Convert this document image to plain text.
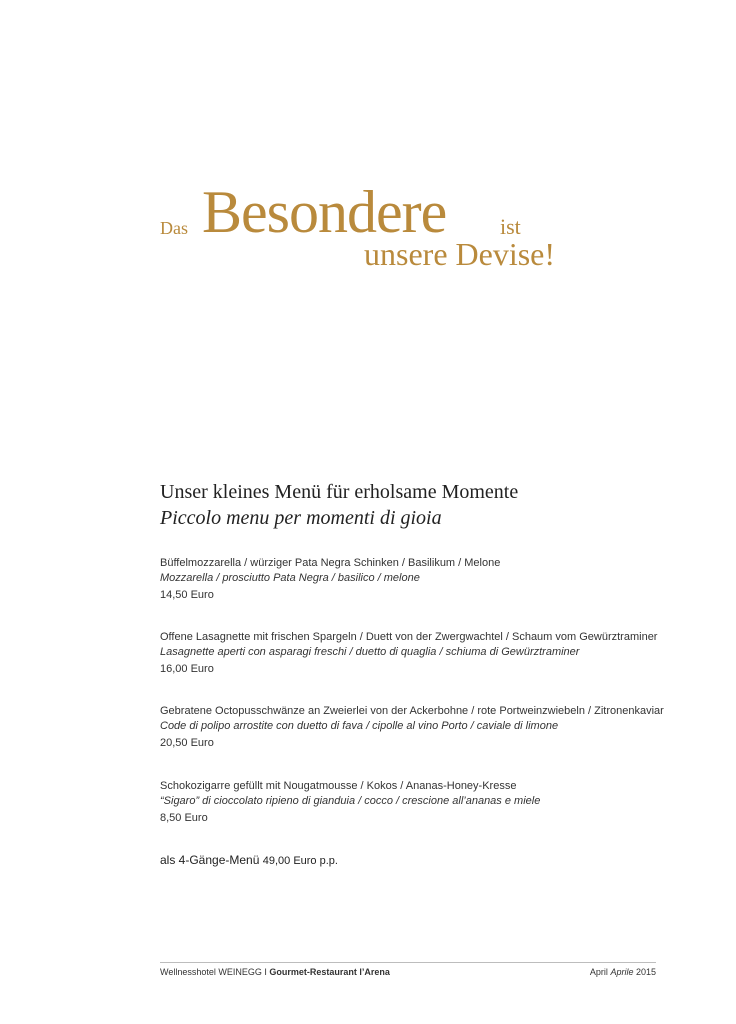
Das Besondere ist
unsere Devise!
Unser kleines Menü für erholsame Momente
Piccolo menu per momenti di gioia
Büffelmozzarella / würziger Pata Negra Schinken / Basilikum / Melone
Mozzarella / prosciutto Pata Negra / basilico / melone
14,50 Euro
Offene Lasagnette mit frischen Spargeln / Duett von der Zwergwachtel / Schaum vom Gewürztraminer
Lasagnette aperti con asparagi freschi / duetto di quaglia / schiuma di Gewürztraminer
16,00 Euro
Gebratene Octopusschwänze an Zweierlei von der Ackerbohne / rote Portweinzwiebeln / Zitronenkaviar
Code di polipo arrostite con duetto di fava / cipolle al vino Porto / caviale di limone
20,50 Euro
Schokozigarre gefüllt mit Nougatmousse / Kokos / Ananas-Honey-Kresse
“Sigaro” di cioccolato ripieno di gianduia / cocco / crescione all’ananas e miele
8,50 Euro
als 4-Gänge-Menü 49,00 Euro p.p.
Wellnesshotel WEINEGG I Gourmet-Restaurant l’Arena	April Aprile 2015
